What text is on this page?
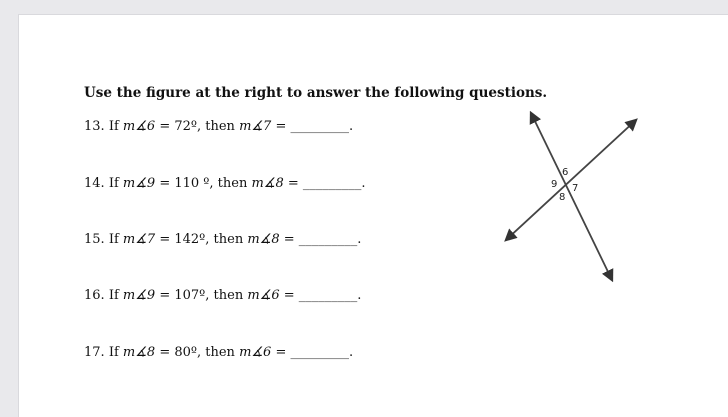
Use the figure at the right to answer the following questions.
13. If m∡6 = 72º, then m∡7 = _________.
14. If m∡9 = 110 º, then m∡8 = _________.
15. If m∡7 = 142º, then m∡8 = _________.
16. If m∡9 = 107º, then m∡6 = _________.
17. If m∡8 = 80º, then m∡6 = _________.
6
7
8
9
